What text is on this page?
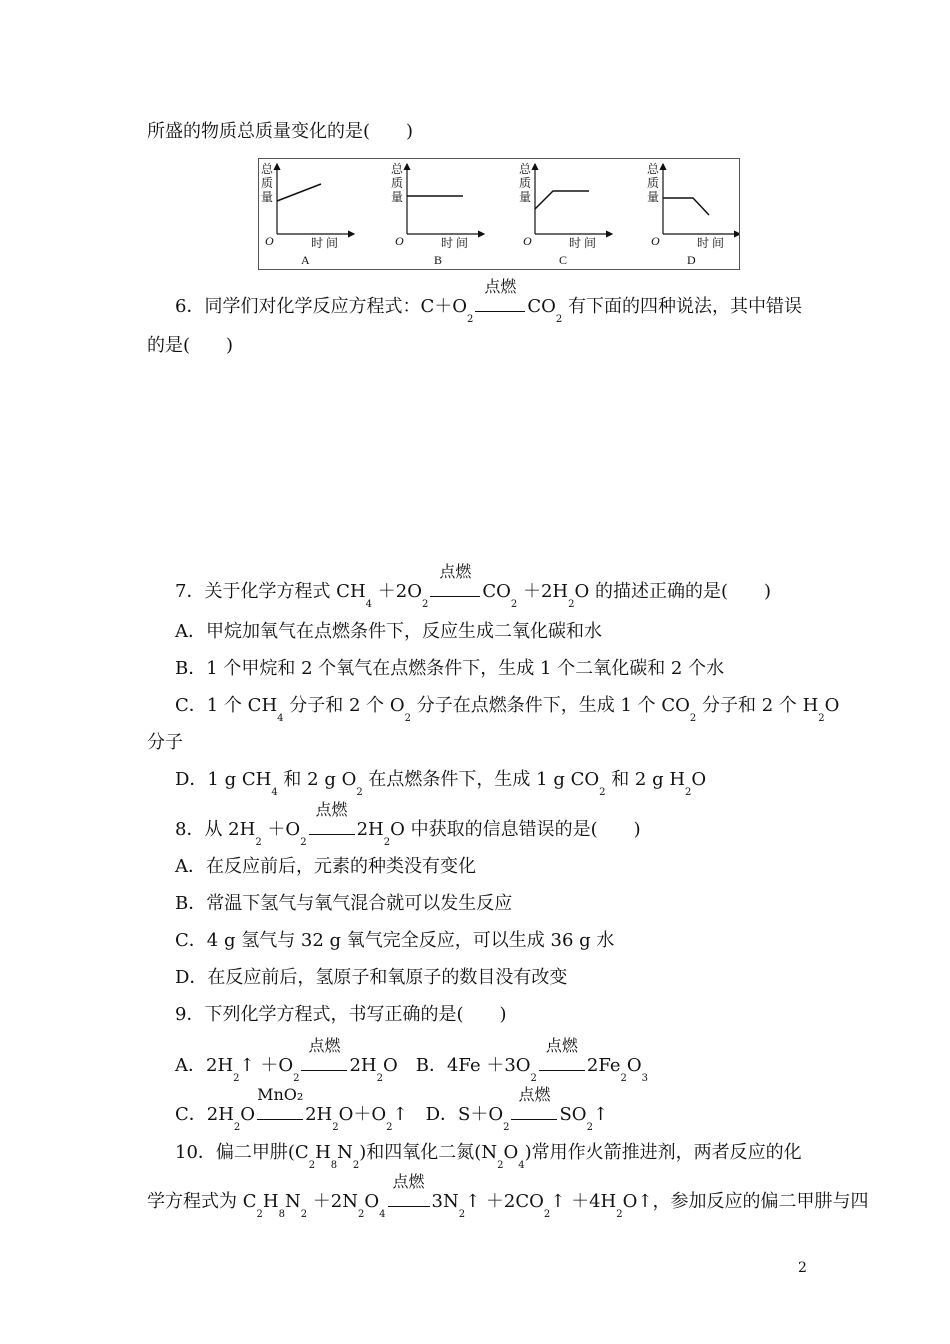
所盛的物质总质量变化的是(　　)
总
质
量
O	时 间
A
总
质
量
O	时 间
B
总
质
量
O	时 间
C
总
质
量
O	时 间
D
6．同学们对化学反应方程式：$C+O_2$
点燃
$CO_2$ 有下面的四种说法，其中错误
的是(　　)
7．关于化学方程式 $CH_4 +2O_2$
点燃
$CO_2 +2H_2O$ 的描述正确的是(　　)
A．甲烷加氧气在点燃条件下，反应生成二氧化碳和水
B．1 个甲烷和 2 个氧气在点燃条件下，生成 1 个二氧化碳和 2 个水
C．1 个 $CH_4$ 分子和 2 个 $O_2$ 分子在点燃条件下，生成 1 个 $CO_2$ 分子和 2 个 $H_2O$
分子
D．1 g $CH_4$ 和 2 g $O_2$ 在点燃条件下，生成 1 g $CO_2$ 和 2 g $H_2O$
8．从 $2H_2 +O_2$
点燃
$2H_2O$ 中获取的信息错误的是(　　)
A．在反应前后，元素的种类没有变化
B．常温下氢气与氧气混合就可以发生反应
C．4 g 氢气与 32 g 氧气完全反应，可以生成 36 g 水
D．在反应前后，氢原子和氧原子的数目没有改变
9．下列化学方程式，书写正确的是(　　)
A．$2H_2↑ +O_2$
点燃
$2H_2O$　B．$4Fe +3O_2$
点燃
$2Fe_2O_3$
C．$2H_2O$
MnO₂
$2H_2O+O_2↑$　D．$S+O_2$
点燃
$SO_2↑$
10．偏二甲肼$(C_2H_8N_2)$和四氧化二氮$(N_2O_4)$常用作火箭推进剂，两者反应的化
学方程式为 $C_2H_8N_2 +2N_2O_4$
点燃
$3N_2↑$ $+2CO_2↑$ $+4H_2O↑$，参加反应的偏二甲肼与四
2
